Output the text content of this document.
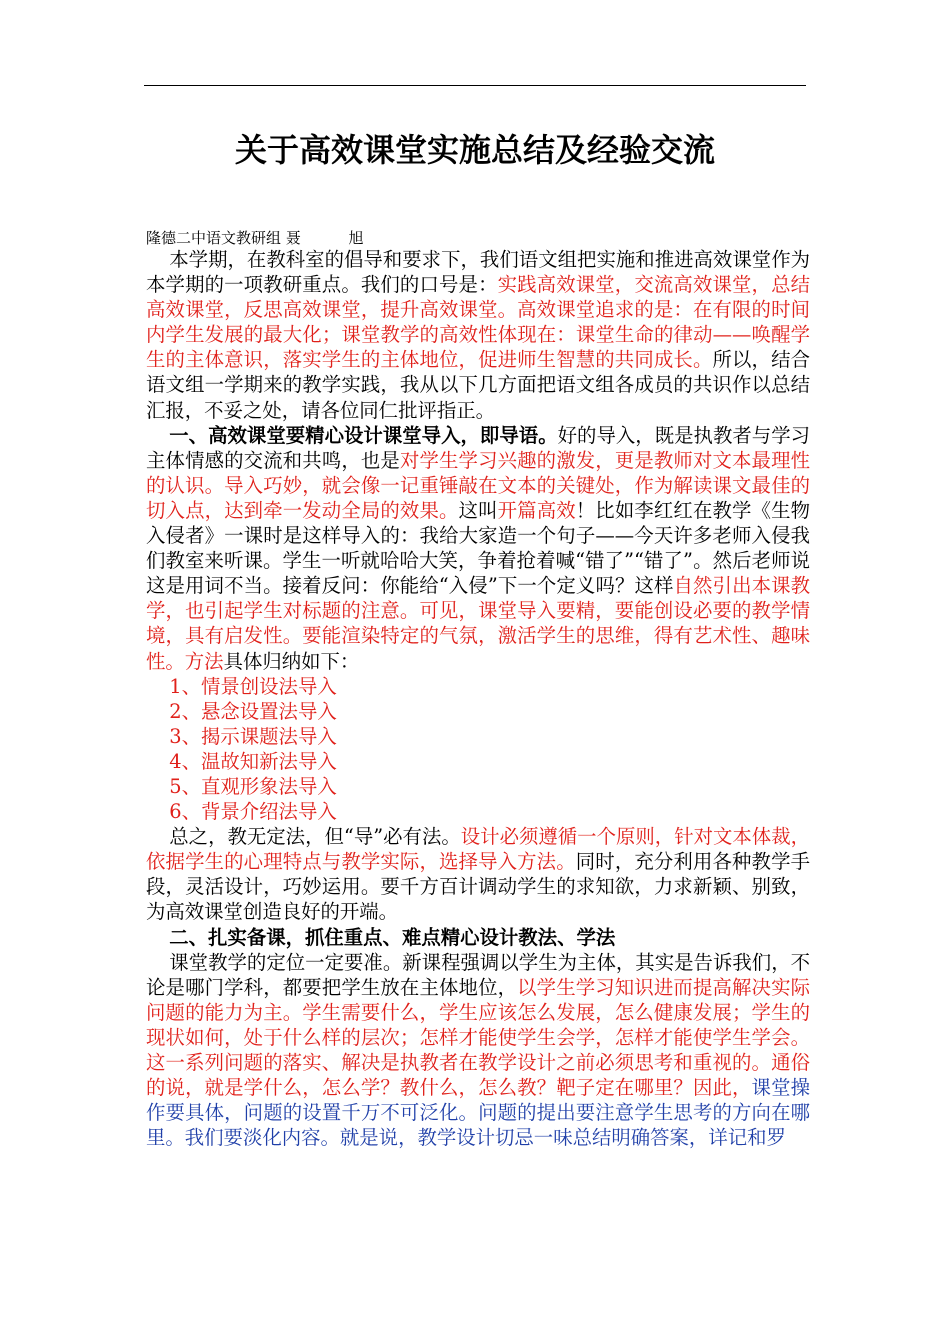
关于高效课堂实施总结及经验交流
隆德二中语文教研组 聂          旭

本学期，在教科室的倡导和要求下，我们语文组把实施和推进高效课堂作为本学期的一项教研重点。我们的口号是：实践高效课堂，交流高效课堂，总结高效课堂，反思高效课堂，提升高效课堂。高效课堂追求的是：在有限的时间内学生发展的最大化；课堂教学的高效性体现在：课堂生命的律动——唤醒学生的主体意识，落实学生的主体地位，促进师生智慧的共同成长。所以，结合语文组一学期来的教学实践，我从以下几方面把语文组各成员的共识作以总结汇报，不妥之处，请各位同仁批评指正。

一、高效课堂要精心设计课堂导入，即导语。好的导入，既是执教者与学习主体情感的交流和共鸣，也是对学生学习兴趣的激发，更是教师对文本最理性的认识。导入巧妙，就会像一记重锤敲在文本的关键处，作为解读课文最佳的切入点，达到牵一发动全局的效果。这叫开篇高效！比如李红红在教学《生物入侵者》一课时是这样导入的：我给大家造一个句子——今天许多老师入侵我们教室来听课。学生一听就哈哈大笑，争着抢着喊“错了”“错了”。然后老师说这是用词不当。接着反问：你能给“入侵”下一个定义吗？这样自然引出本课教学，也引起学生对标题的注意。可见，课堂导入要精，要能创设必要的教学情境，具有启发性。要能渲染特定的气氛，激活学生的思维，得有艺术性、趣味性。方法具体归纳如下：

1、情景创设法导入

2、悬念设置法导入

3、揭示课题法导入

4、温故知新法导入

5、直观形象法导入

6、背景介绍法导入

总之，教无定法，但“导”必有法。设计必须遵循一个原则，针对文本体裁，依据学生的心理特点与教学实际，选择导入方法。同时，充分利用各种教学手段，灵活设计，巧妙运用。要千方百计调动学生的求知欲，力求新颖、别致，为高效课堂创造良好的开端。

二、扎实备课，抓住重点、难点精心设计教法、学法

课堂教学的定位一定要准。新课程强调以学生为主体，其实是告诉我们，不论是哪门学科，都要把学生放在主体地位，以学生学习知识进而提高解决实际问题的能力为主。学生需要什么，学生应该怎么发展，怎么健康发展；学生的现状如何，处于什么样的层次；怎样才能使学生会学，怎样才能使学生学会。这一系列问题的落实、解决是执教者在教学设计之前必须思考和重视的。通俗的说，就是学什么，怎么学？教什么，怎么教？靶子定在哪里？因此，课堂操作要具体，问题的设置千万不可泛化。问题的提出要注意学生思考的方向在哪里。我们要淡化内容。就是说，教学设计切忌一味总结明确答案，详记和罗
